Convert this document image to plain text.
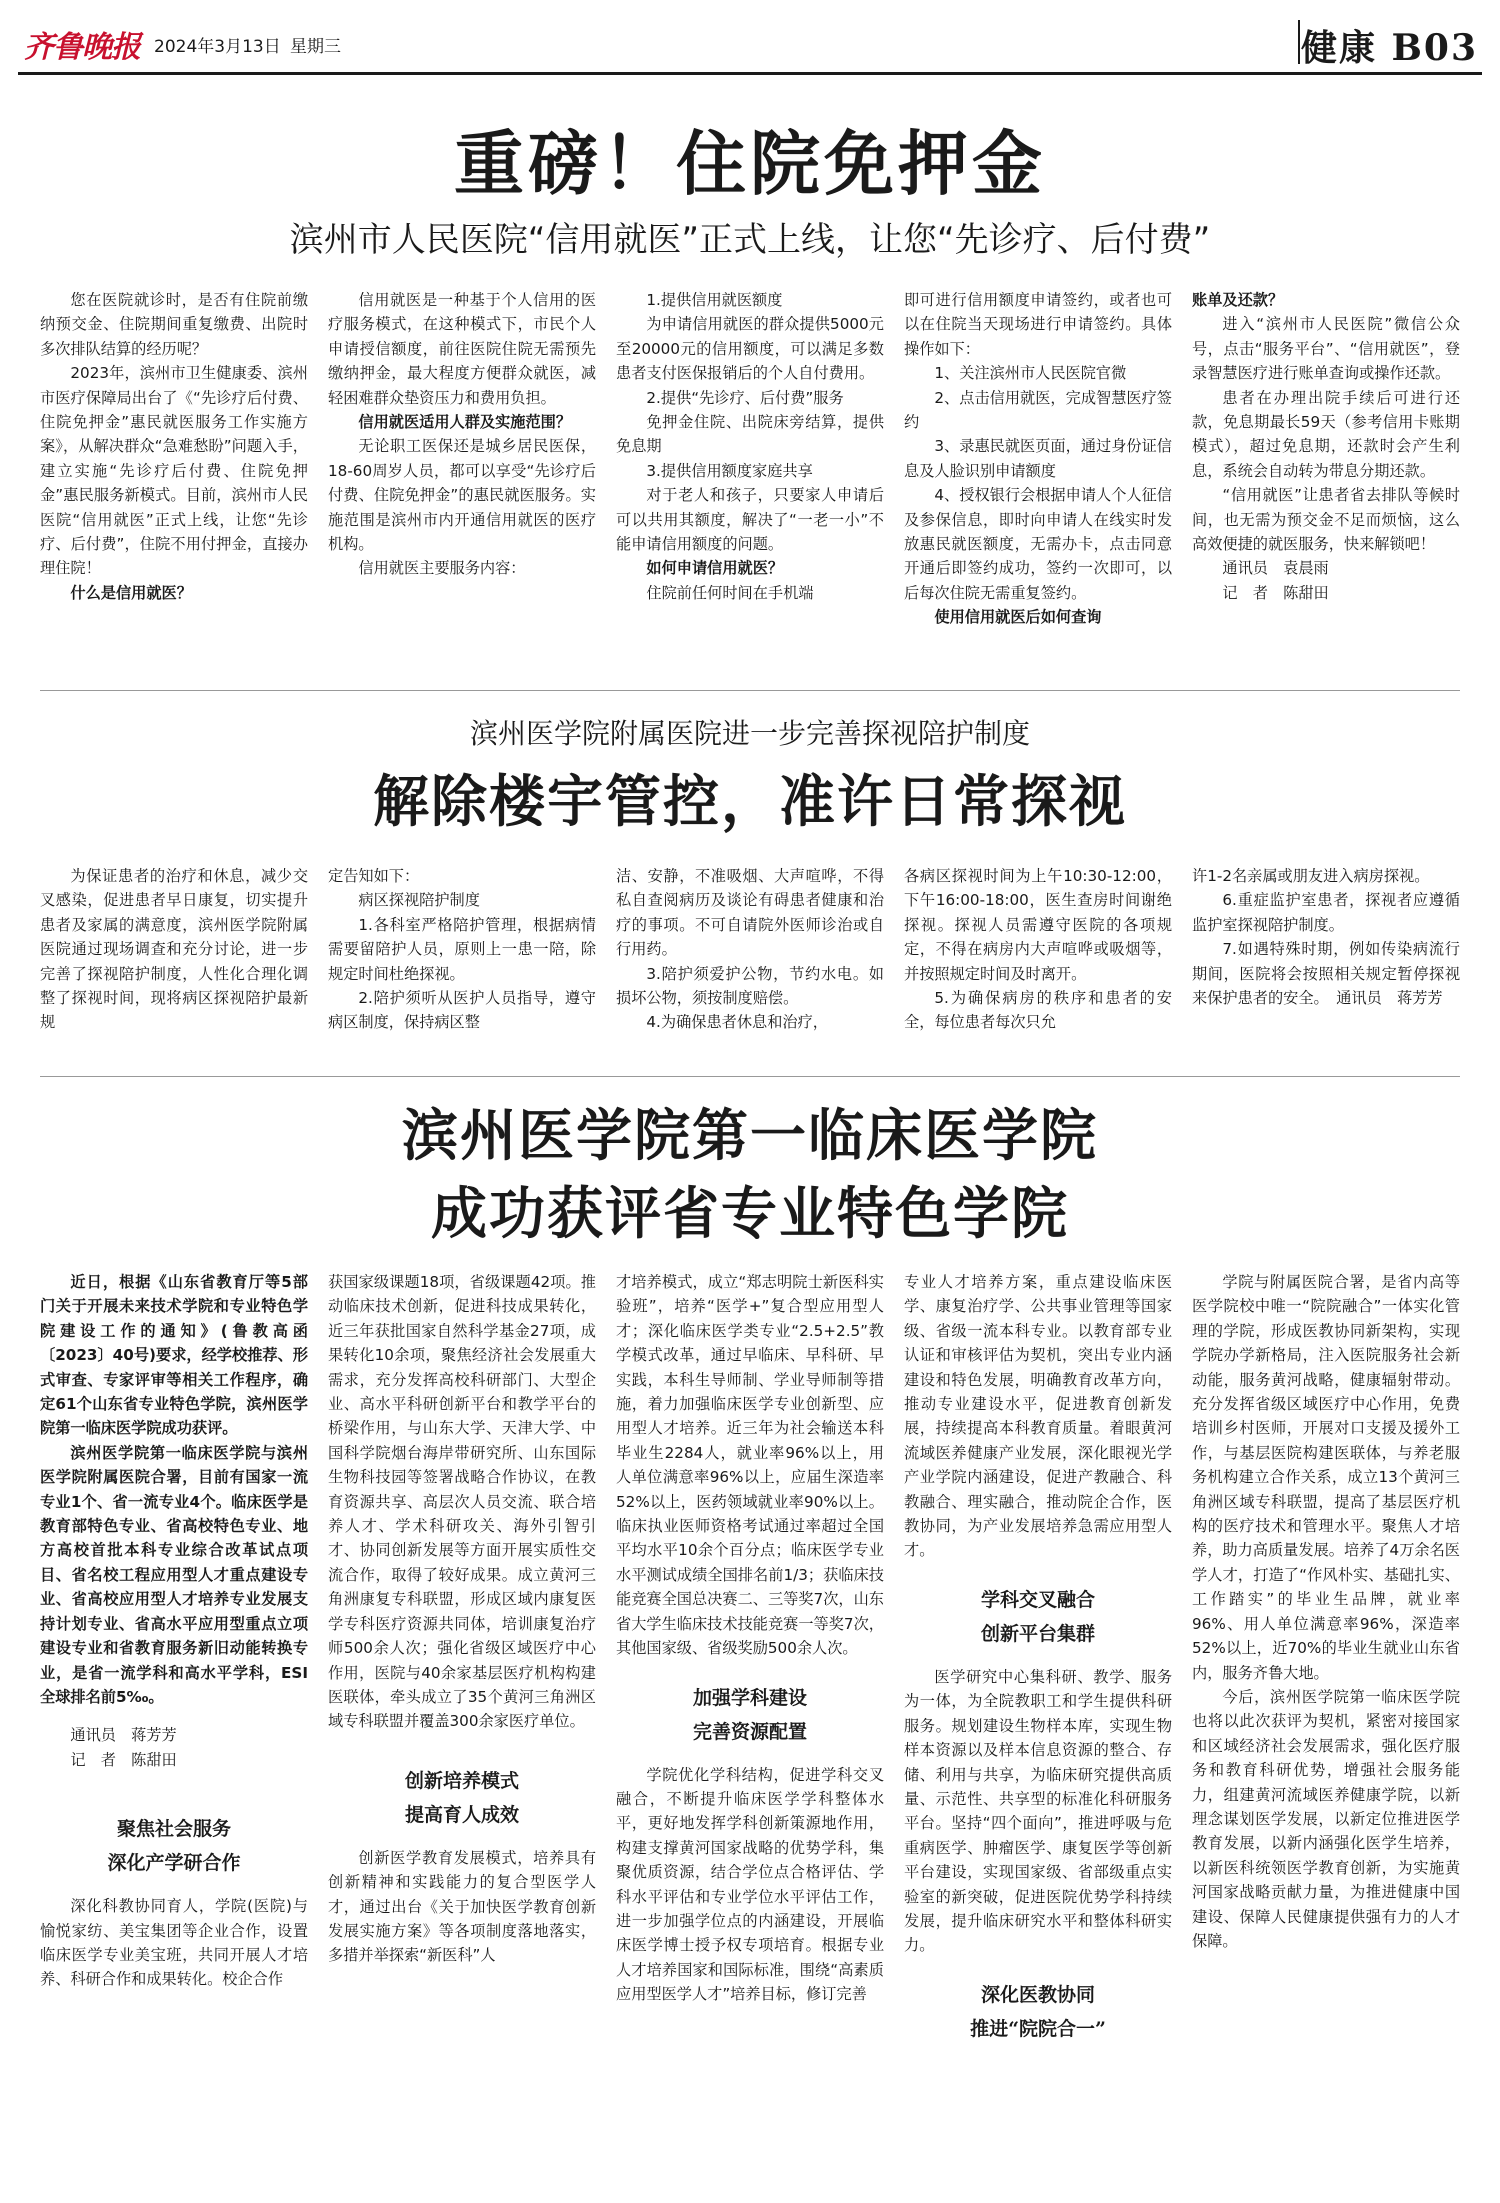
齐鲁晚报 2024年3月13日 星期三	健康 B03
重磅！住院免押金
滨州市人民医院“信用就医”正式上线，让您“先诊疗、后付费”

您在医院就诊时，是否有住院前缴纳预交金、住院期间重复缴费、出院时多次排队结算的经历呢？

2023年，滨州市卫生健康委、滨州市医疗保障局出台了《“先诊疗后付费、住院免押金”惠民就医服务工作实施方案》，从解决群众“急难愁盼”问题入手，建立实施“先诊疗后付费、住院免押金”惠民服务新模式。目前，滨州市人民医院“信用就医”正式上线，让您“先诊疗、后付费”，住院不用付押金，直接办理住院！

什么是信用就医？

信用就医是一种基于个人信用的医疗服务模式，在这种模式下，市民个人申请授信额度，前往医院住院无需预先缴纳押金，最大程度方便群众就医，减轻困难群众垫资压力和费用负担。

信用就医适用人群及实施范围？

无论职工医保还是城乡居民医保，18-60周岁人员，都可以享受“先诊疗后付费、住院免押金”的惠民就医服务。实施范围是滨州市内开通信用就医的医疗机构。

信用就医主要服务内容：

1.提供信用就医额度

为申请信用就医的群众提供5000元至20000元的信用额度，可以满足多数患者支付医保报销后的个人自付费用。

2.提供“先诊疗、后付费”服务

免押金住院、出院床旁结算，提供免息期

3.提供信用额度家庭共享

对于老人和孩子，只要家人申请后可以共用其额度，解决了“一老一小”不能申请信用额度的问题。

如何申请信用就医？

住院前任何时间在手机端

即可进行信用额度申请签约，或者也可以在住院当天现场进行申请签约。具体操作如下：

1、关注滨州市人民医院官微

2、点击信用就医，完成智慧医疗签约

3、录惠民就医页面，通过身份证信息及人脸识别申请额度

4、授权银行会根据申请人个人征信及参保信息，即时向申请人在线实时发放惠民就医额度，无需办卡，点击同意开通后即签约成功，签约一次即可，以后每次住院无需重复签约。

使用信用就医后如何查询

账单及还款？

进入“滨州市人民医院”微信公众号，点击“服务平台”、“信用就医”，登录智慧医疗进行账单查询或操作还款。

患者在办理出院手续后可进行还款，免息期最长59天（参考信用卡账期模式），超过免息期，还款时会产生利息，系统会自动转为带息分期还款。

“信用就医”让患者省去排队等候时间，也无需为预交金不足而烦恼，这么高效便捷的就医服务，快来解锁吧！

通讯员　袁晨雨

记　者　陈甜田

滨州医学院附属医院进一步完善探视陪护制度
解除楼宇管控，准许日常探视

为保证患者的治疗和休息，减少交叉感染，促进患者早日康复，切实提升患者及家属的满意度，滨州医学院附属医院通过现场调查和充分讨论，进一步完善了探视陪护制度，人性化合理化调整了探视时间，现将病区探视陪护最新规

定告知如下：

病区探视陪护制度

1.各科室严格陪护管理，根据病情需要留陪护人员，原则上一患一陪，除规定时间杜绝探视。

2.陪护须听从医护人员指导，遵守病区制度，保持病区整

洁、安静，不准吸烟、大声喧哗，不得私自查阅病历及谈论有碍患者健康和治疗的事项。不可自请院外医师诊治或自行用药。

3.陪护须爱护公物，节约水电。如损坏公物，须按制度赔偿。

4.为确保患者休息和治疗，

各病区探视时间为上午10:30-12:00，下午16:00-18:00，医生查房时间谢绝探视。探视人员需遵守医院的各项规定，不得在病房内大声喧哗或吸烟等，并按照规定时间及时离开。

5.为确保病房的秩序和患者的安全，每位患者每次只允

许1-2名亲属或朋友进入病房探视。

6.重症监护室患者，探视者应遵循监护室探视陪护制度。

7.如遇特殊时期，例如传染病流行期间，医院将会按照相关规定暂停探视来保护患者的安全。　通讯员　蒋芳芳

滨州医学院第一临床医学院
成功获评省专业特色学院

近日，根据《山东省教育厅等5部门关于开展未来技术学院和专业特色学院建设工作的通知》(鲁教高函〔2023〕40号)要求，经学校推荐、形式审查、专家评审等相关工作程序，确定61个山东省专业特色学院，滨州医学院第一临床医学院成功获评。

滨州医学院第一临床医学院与滨州医学院附属医院合署，目前有国家一流专业1个、省一流专业4个。临床医学是教育部特色专业、省高校特色专业、地方高校首批本科专业综合改革试点项目、省名校工程应用型人才重点建设专业、省高校应用型人才培养专业发展支持计划专业、省高水平应用型重点立项建设专业和省教育服务新旧动能转换专业，是省一流学科和高水平学科，ESI全球排名前5‰。

通讯员　蒋芳芳

记　者　陈甜田

聚焦社会服务
深化产学研合作

深化科教协同育人，学院(医院)与愉悦家纺、美宝集团等企业合作，设置临床医学专业美宝班，共同开展人才培养、科研合作和成果转化。校企合作

获国家级课题18项，省级课题42项。推动临床技术创新，促进科技成果转化，近三年获批国家自然科学基金27项，成果转化10余项，聚焦经济社会发展重大需求，充分发挥高校科研部门、大型企业、高水平科研创新平台和教学平台的桥梁作用，与山东大学、天津大学、中国科学院烟台海岸带研究所、山东国际生物科技园等签署战略合作协议，在教育资源共享、高层次人员交流、联合培养人才、学术科研攻关、海外引智引才、协同创新发展等方面开展实质性交流合作，取得了较好成果。成立黄河三角洲康复专科联盟，形成区域内康复医学专科医疗资源共同体，培训康复治疗师500余人次；强化省级区域医疗中心作用，医院与40余家基层医疗机构构建医联体，牵头成立了35个黄河三角洲区域专科联盟并覆盖300余家医疗单位。

创新培养模式
提高育人成效

创新医学教育发展模式，培养具有创新精神和实践能力的复合型医学人才，通过出台《关于加快医学教育创新发展实施方案》等各项制度落地落实，多措并举探索“新医科”人

才培养模式，成立“郑志明院士新医科实验班”，培养“医学+”复合型应用型人才；深化临床医学类专业“2.5+2.5”教学模式改革，通过早临床、早科研、早实践，本科生导师制、学业导师制等措施，着力加强临床医学专业创新型、应用型人才培养。近三年为社会输送本科毕业生2284人，就业率96%以上，用人单位满意率96%以上，应届生深造率52%以上，医药领域就业率90%以上。临床执业医师资格考试通过率超过全国平均水平10余个百分点；临床医学专业水平测试成绩全国排名前1/3；获临床技能竞赛全国总决赛二、三等奖7次，山东省大学生临床技术技能竞赛一等奖7次，其他国家级、省级奖励500余人次。

加强学科建设
完善资源配置

学院优化学科结构，促进学科交叉融合，不断提升临床医学学科整体水平，更好地发挥学科创新策源地作用，构建支撑黄河国家战略的优势学科，集聚优质资源，结合学位点合格评估、学科水平评估和专业学位水平评估工作，进一步加强学位点的内涵建设，开展临床医学博士授予权专项培育。根据专业人才培养国家和国际标准，围绕“高素质应用型医学人才”培养目标，修订完善

专业人才培养方案，重点建设临床医学、康复治疗学、公共事业管理等国家级、省级一流本科专业。以教育部专业认证和审核评估为契机，突出专业内涵建设和特色发展，明确教育改革方向，推动专业建设水平，促进教育创新发展，持续提高本科教育质量。着眼黄河流域医养健康产业发展，深化眼视光学产业学院内涵建设，促进产教融合、科教融合、理实融合，推动院企合作，医教协同，为产业发展培养急需应用型人才。

学科交叉融合
创新平台集群

医学研究中心集科研、教学、服务为一体，为全院教职工和学生提供科研服务。规划建设生物样本库，实现生物样本资源以及样本信息资源的整合、存储、利用与共享，为临床研究提供高质量、示范性、共享型的标准化科研服务平台。坚持“四个面向”，推进呼吸与危重病医学、肿瘤医学、康复医学等创新平台建设，实现国家级、省部级重点实验室的新突破，促进医院优势学科持续发展，提升临床研究水平和整体科研实力。

深化医教协同
推进“院院合一”

学院与附属医院合署，是省内高等医学院校中唯一“院院融合”一体实化管理的学院，形成医教协同新架构，实现学院办学新格局，注入医院服务社会新动能，服务黄河战略，健康辐射带动。充分发挥省级区域医疗中心作用，免费培训乡村医师，开展对口支援及援外工作，与基层医院构建医联体，与养老服务机构建立合作关系，成立13个黄河三角洲区域专科联盟，提高了基层医疗机构的医疗技术和管理水平。聚焦人才培养，助力高质量发展。培养了4万余名医学人才，打造了“作风朴实、基础扎实、工作踏实”的毕业生品牌，就业率96%、用人单位满意率96%，深造率52%以上，近70%的毕业生就业山东省内，服务齐鲁大地。

今后，滨州医学院第一临床医学院也将以此次获评为契机，紧密对接国家和区域经济社会发展需求，强化医疗服务和教育科研优势，增强社会服务能力，组建黄河流域医养健康学院，以新理念谋划医学发展，以新定位推进医学教育发展，以新内涵强化医学生培养，以新医科统领医学教育创新，为实施黄河国家战略贡献力量，为推进健康中国建设、保障人民健康提供强有力的人才保障。
